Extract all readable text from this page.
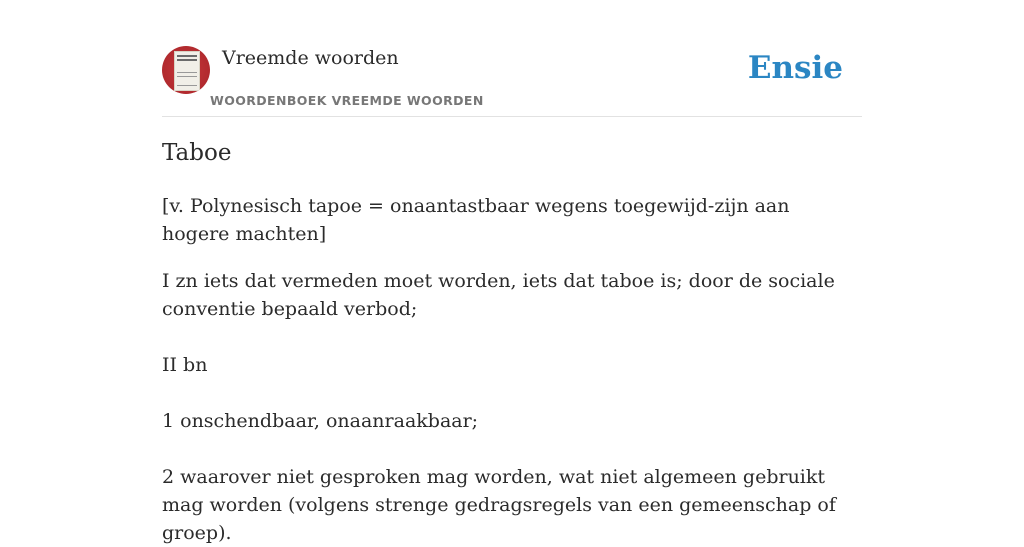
Vreemde woorden
WOORDENBOEK VREEMDE WOORDEN
Ensie
Taboe
[v. Polynesisch tapoe = onaantastbaar wegens toegewijd-zijn aan hogere machten]
I zn iets dat vermeden moet worden, iets dat taboe is; door de sociale conventie bepaald verbod;
II bn
1 onschendbaar, onaanraakbaar;
2 waarover niet gesproken mag worden, wat niet algemeen gebruikt mag worden (volgens strenge gedragsregels van een gemeenschap of groep).
